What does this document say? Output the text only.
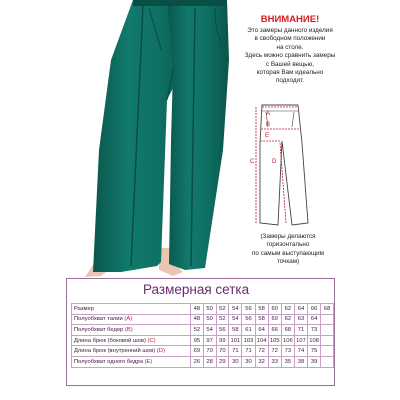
ВНИМАНИЕ!
Это замеры данного изделия
в свободном положении
на столе.
Здесь можно сравнить замеры
с Вашей вещью,
которая Вам идеально
подходит.
A
B
E
C	D
(Замеры делаются
горизонтально
по самым выступающим
точкам)
Размерная сетка
Размер	48	50	52	54	56	58	60	62	64	66	68
Полуобхват талии (A)	48	50	52	54	56	58	60	62	63	64	
Полуобхват бедер (B)	52	54	56	58	61	64	66	68	71	73	
Длина брюк (боковой шов) (C)	95	97	99	101	103	104	105	106	107	108	
Длина брюк (внутренний шов) (D)	69	70	70	71	71	72	72	73	74	75	
Полуобхват одного бедра (E)	26	28	29	30	30	32	33	35	38	39	
